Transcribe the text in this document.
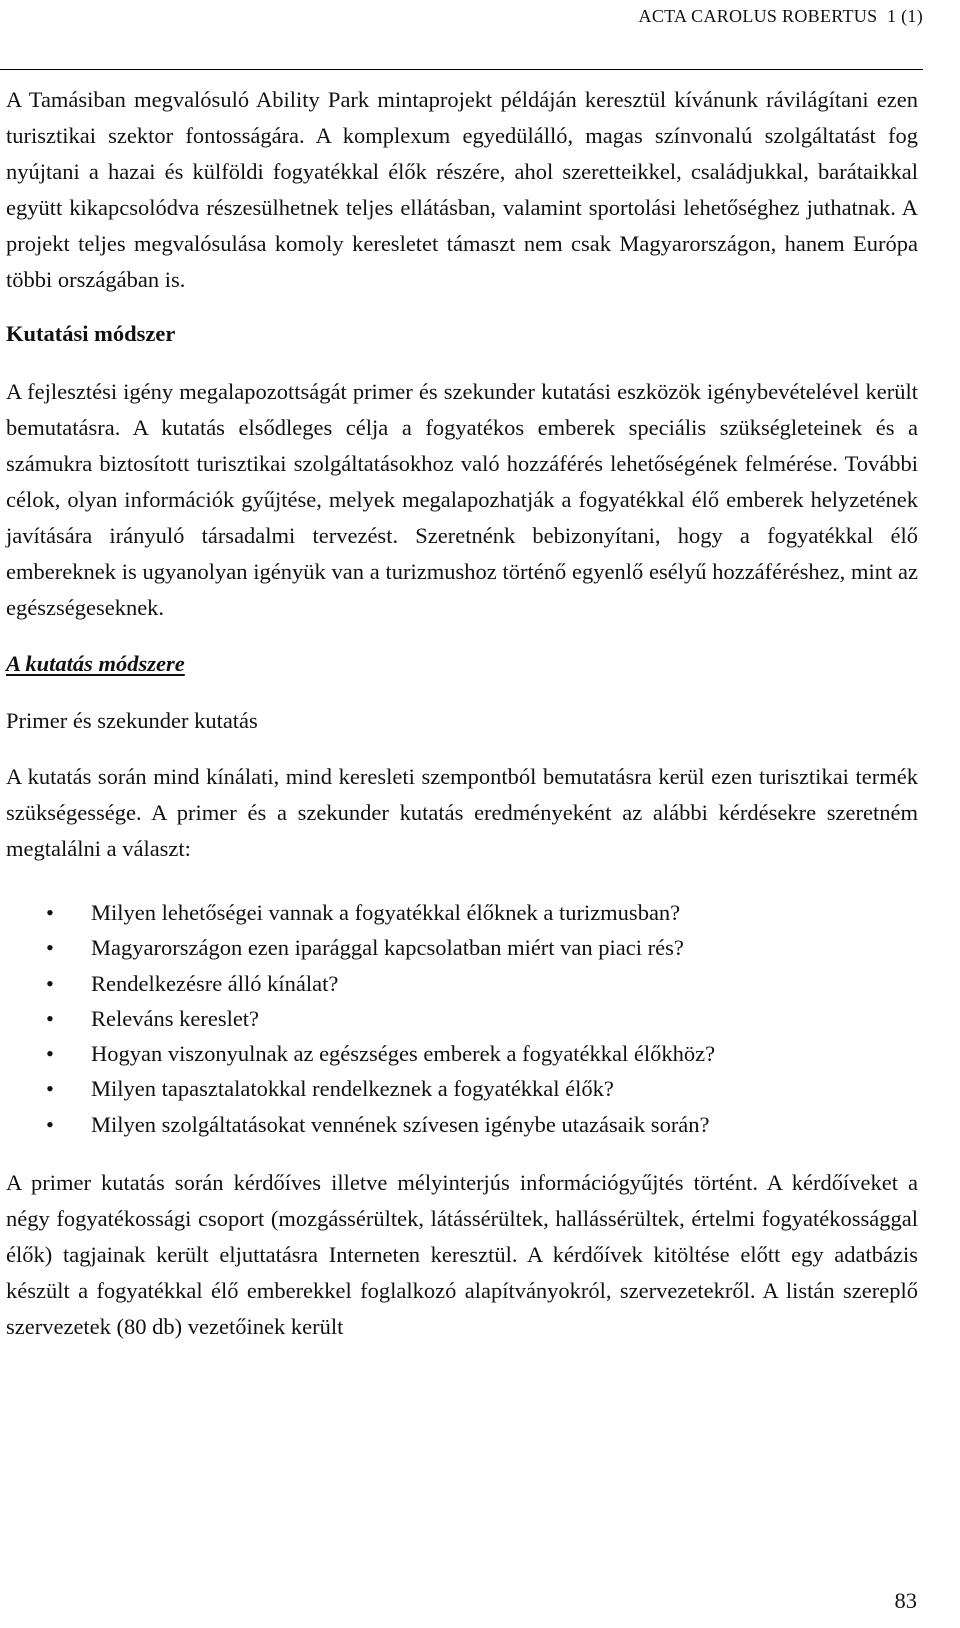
ACTA CAROLUS ROBERTUS 1 (1)

A Tamásiban megvalósuló Ability Park mintaprojekt példáján keresztül kívánunk rávilágítani ezen turisztikai szektor fontosságára. A komplexum egyedülálló, magas színvonalú szolgáltatást fog nyújtani a hazai és külföldi fogyatékkal élők részére, ahol szeretteikkel, családjukkal, barátaikkal együtt kikapcsolódva részesülhetnek teljes ellátásban, valamint sportolási lehetőséghez juthatnak. A projekt teljes megvalósulása komoly keresletet támaszt nem csak Magyarországon, hanem Európa többi országában is.

Kutatási módszer

A fejlesztési igény megalapozottságát primer és szekunder kutatási eszközök igénybevételével került bemutatásra. A kutatás elsődleges célja a fogyatékos emberek speciális szükségleteinek és a számukra biztosított turisztikai szolgáltatásokhoz való hozzáférés lehetőségének felmérése. További célok, olyan információk gyűjtése, melyek megalapozhatják a fogyatékkal élő emberek helyzetének javítására irányuló társadalmi tervezést. Szeretnénk bebizonyítani, hogy a fogyatékkal élő embereknek is ugyanolyan igényük van a turizmushoz történő egyenlő esélyű hozzáféréshez, mint az egészségeseknek.

A kutatás módszere
Primer és szekunder kutatás

A kutatás során mind kínálati, mind keresleti szempontból bemutatásra kerül ezen turisztikai termék szükségessége. A primer és a szekunder kutatás eredményeként az alábbi kérdésekre szeretném megtalálni a választ:

• Milyen lehetőségei vannak a fogyatékkal élőknek a turizmusban?
• Magyarországon ezen iparággal kapcsolatban miért van piaci rés?
• Rendelkezésre álló kínálat?
• Releváns kereslet?
• Hogyan viszonyulnak az egészséges emberek a fogyatékkal élőkhöz?
• Milyen tapasztalatokkal rendelkeznek a fogyatékkal élők?
• Milyen szolgáltatásokat vennének szívesen igénybe utazásaik során?

A primer kutatás során kérdőíves illetve mélyinterjús információgyűjtés történt. A kérdőíveket a négy fogyatékossági csoport (mozgássérültek, látássérültek, hallássérültek, értelmi fogyatékossággal élők) tagjainak került eljuttatásra Interneten keresztül. A kérdőívek kitöltése előtt egy adatbázis készült a fogyatékkal élő emberekkel foglalkozó alapítványokról, szervezetekről. A listán szereplő szervezetek (80 db) vezetőinek került

83
